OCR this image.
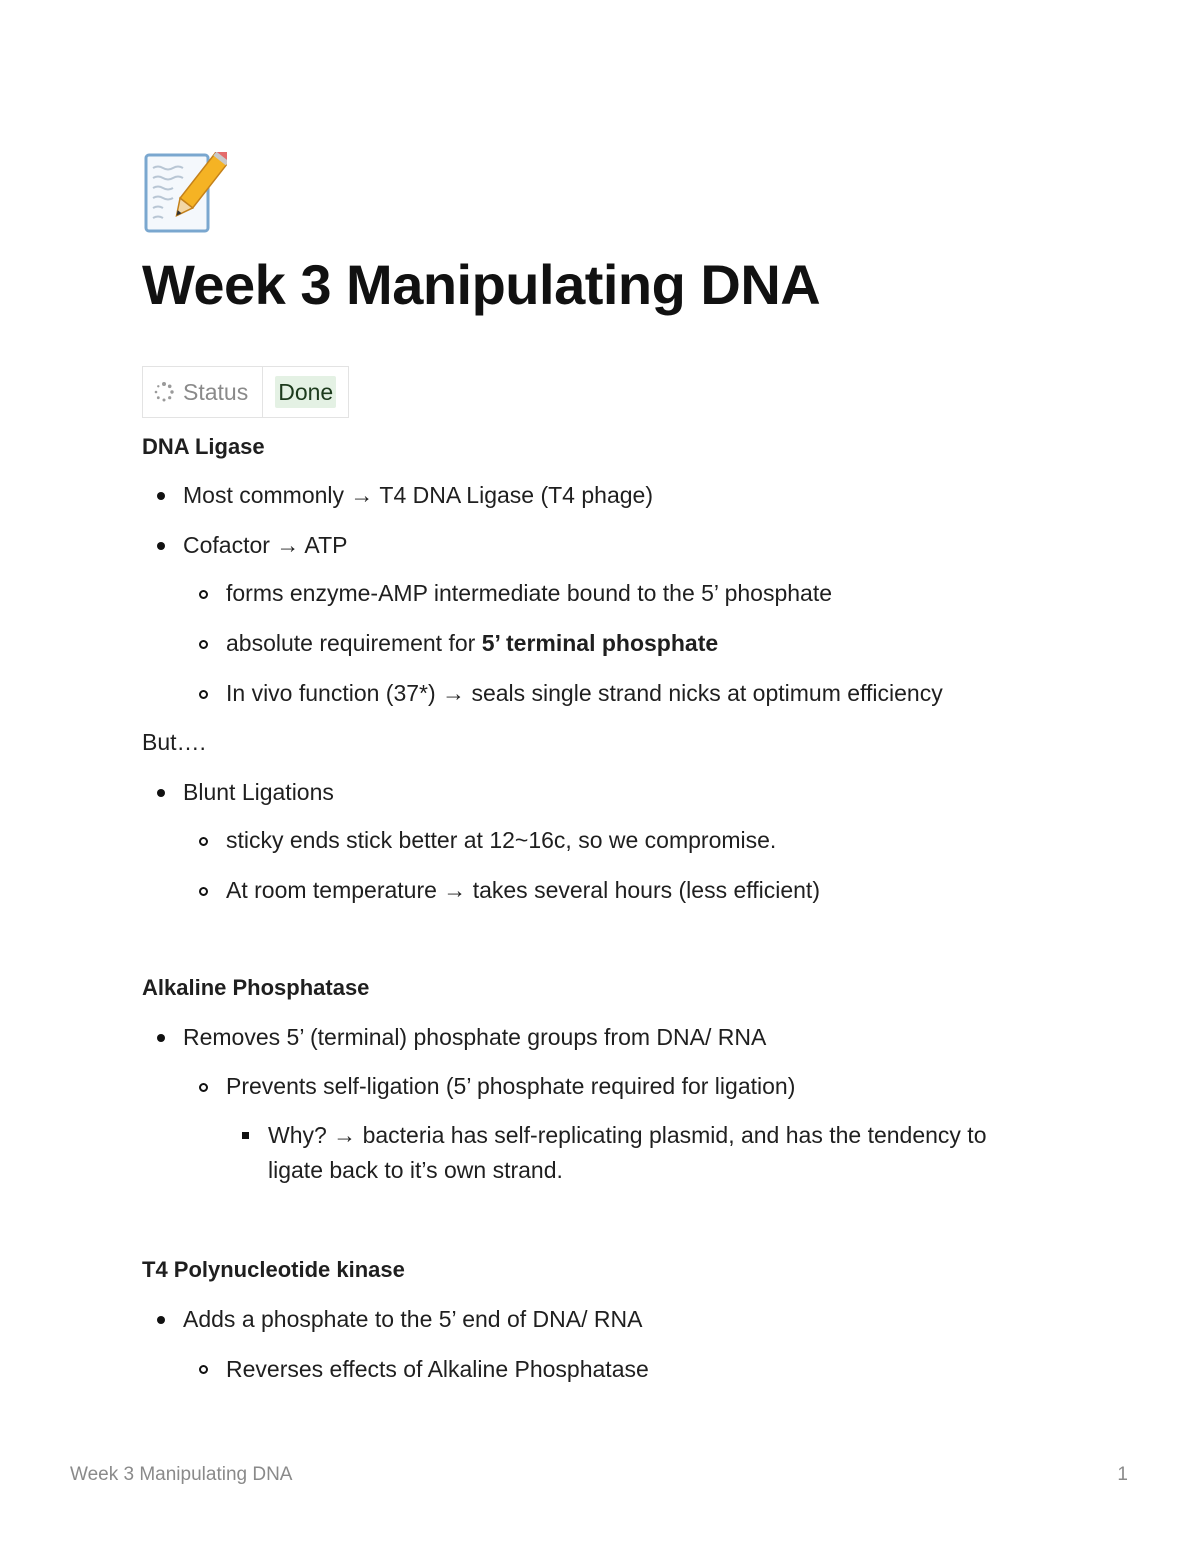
Week 3 Manipulating DNA
Status Done
DNA Ligase
Most commonly → T4 DNA Ligase (T4 phage)
Cofactor → ATP
forms enzyme-AMP intermediate bound to the 5’ phosphate
absolute requirement for 5’ terminal phosphate
In vivo function (37*) → seals single strand nicks at optimum efficiency
But….
Blunt Ligations
sticky ends stick better at 12~16c, so we compromise.
At room temperature → takes several hours (less efficient)
Alkaline Phosphatase
Removes 5’ (terminal) phosphate groups from DNA/ RNA
Prevents self-ligation (5’ phosphate required for ligation)
Why? → bacteria has self-replicating plasmid, and has the tendency to
ligate back to it’s own strand.
T4 Polynucleotide kinase
Adds a phosphate to the 5’ end of DNA/ RNA
Reverses effects of Alkaline Phosphatase
Week 3 Manipulating DNA	1
